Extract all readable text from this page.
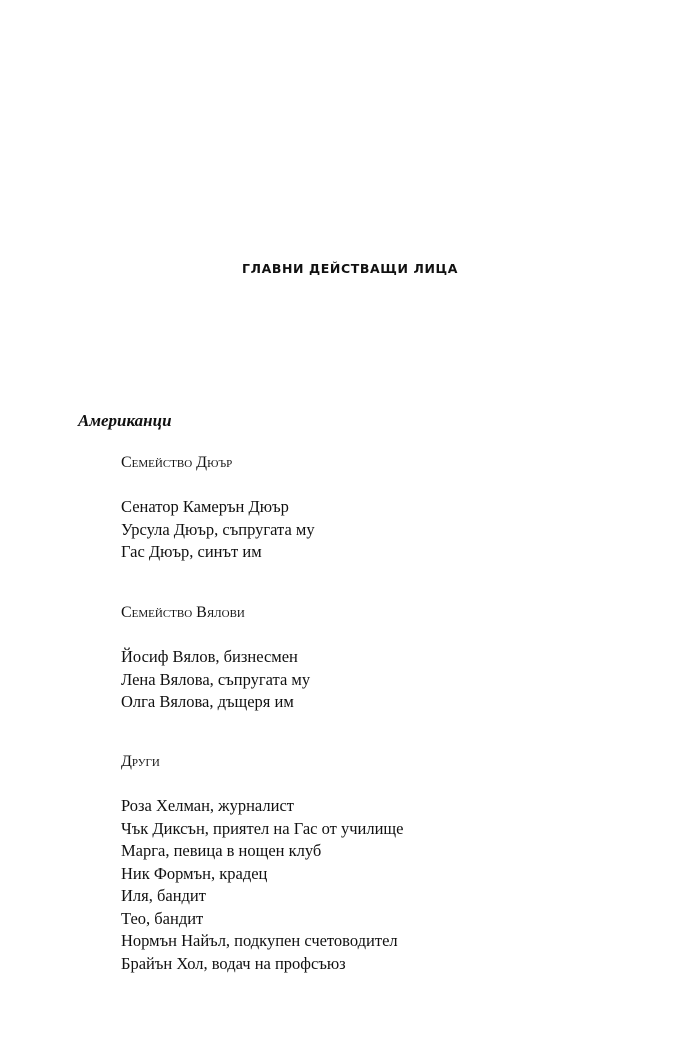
ГЛАВНИ ДЕЙСТВАЩИ ЛИЦА
Американци
Семейство Дюър
Сенатор Камерън Дюър
Урсула Дюър, съпругата му
Гас Дюър, синът им
Семейство Вялови
Йосиф Вялов, бизнесмен
Лена Вялова, съпругата му
Олга Вялова, дъщеря им
Други
Роза Хелман, журналист
Чък Диксън, приятел на Гас от училище
Марга, певица в нощен клуб
Ник Формън, крадец
Иля, бандит
Тео, бандит
Нормън Найъл, подкупен счетоводител
Брайън Хол, водач на профсъюз
